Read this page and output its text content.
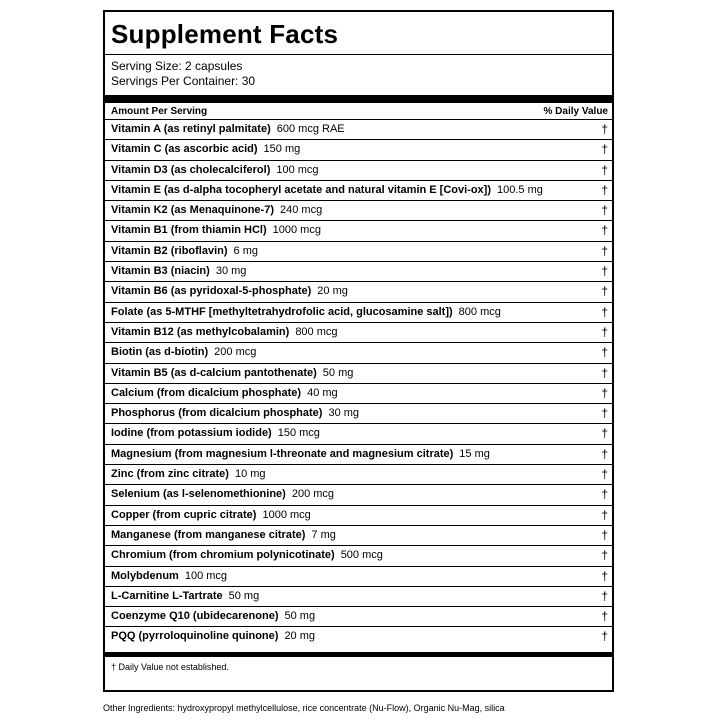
Supplement Facts
Serving Size: 2 capsules
Servings Per Container: 30
Amount Per Serving	% Daily Value
Vitamin A (as retinyl palmitate) 600 mcg RAE	†
Vitamin C (as ascorbic acid) 150 mg	†
Vitamin D3 (as cholecalciferol) 100 mcg	†
Vitamin E (as d-alpha tocopheryl acetate and natural vitamin E [Covi-ox]) 100.5 mg	†
Vitamin K2 (as Menaquinone-7) 240 mcg	†
Vitamin B1 (from thiamin HCl) 1000 mcg	†
Vitamin B2 (riboflavin) 6 mg	†
Vitamin B3 (niacin) 30 mg	†
Vitamin B6 (as pyridoxal-5-phosphate) 20 mg	†
Folate (as 5-MTHF [methyltetrahydrofolic acid, glucosamine salt]) 800 mcg	†
Vitamin B12 (as methylcobalamin) 800 mcg	†
Biotin (as d-biotin) 200 mcg	†
Vitamin B5 (as d-calcium pantothenate) 50 mg	†
Calcium (from dicalcium phosphate) 40 mg	†
Phosphorus (from dicalcium phosphate) 30 mg	†
Iodine (from potassium iodide) 150 mcg	†
Magnesium (from magnesium l-threonate and magnesium citrate) 15 mg	†
Zinc (from zinc citrate) 10 mg	†
Selenium (as l-selenomethionine) 200 mcg	†
Copper (from cupric citrate) 1000 mcg	†
Manganese (from manganese citrate) 7 mg	†
Chromium (from chromium polynicotinate) 500 mcg	†
Molybdenum 100 mcg	†
L-Carnitine L-Tartrate 50 mg	†
Coenzyme Q10 (ubidecarenone) 50 mg	†
PQQ (pyrroloquinoline quinone) 20 mg	†
† Daily Value not established.
Other Ingredients: hydroxypropyl methylcellulose, rice concentrate (Nu-Flow), Organic Nu-Mag, silica
